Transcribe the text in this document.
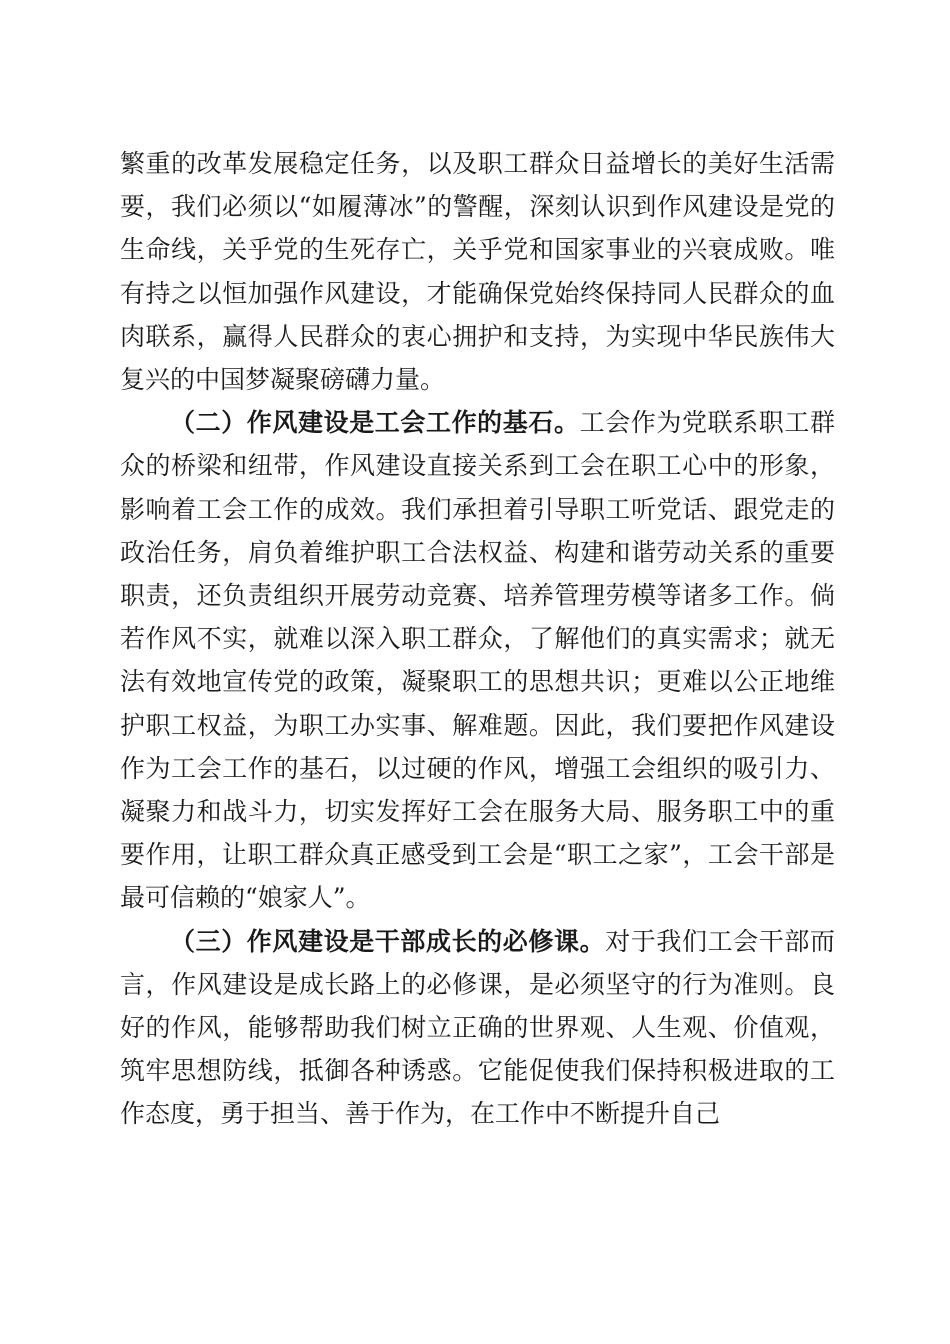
繁重的改革发展稳定任务，以及职工群众日益增长的美好生活需要，我们必须以“如履薄冰”的警醒，深刻认识到作风建设是党的生命线，关乎党的生死存亡，关乎党和国家事业的兴衰成败。唯有持之以恒加强作风建设，才能确保党始终保持同人民群众的血肉联系，赢得人民群众的衷心拥护和支持，为实现中华民族伟大复兴的中国梦凝聚磅礴力量。

（二）作风建设是工会工作的基石。工会作为党联系职工群众的桥梁和纽带，作风建设直接关系到工会在职工心中的形象，影响着工会工作的成效。我们承担着引导职工听党话、跟党走的政治任务，肩负着维护职工合法权益、构建和谐劳动关系的重要职责，还负责组织开展劳动竞赛、培养管理劳模等诸多工作。倘若作风不实，就难以深入职工群众，了解他们的真实需求；就无法有效地宣传党的政策，凝聚职工的思想共识；更难以公正地维护职工权益，为职工办实事、解难题。因此，我们要把作风建设作为工会工作的基石，以过硬的作风，增强工会组织的吸引力、凝聚力和战斗力，切实发挥好工会在服务大局、服务职工中的重要作用，让职工群众真正感受到工会是“职工之家”，工会干部是最可信赖的“娘家人”。

（三）作风建设是干部成长的必修课。对于我们工会干部而言，作风建设是成长路上的必修课，是必须坚守的行为准则。良好的作风，能够帮助我们树立正确的世界观、人生观、价值观，筑牢思想防线，抵御各种诱惑。它能促使我们保持积极进取的工作态度，勇于担当、善于作为，在工作中不断提升自己
